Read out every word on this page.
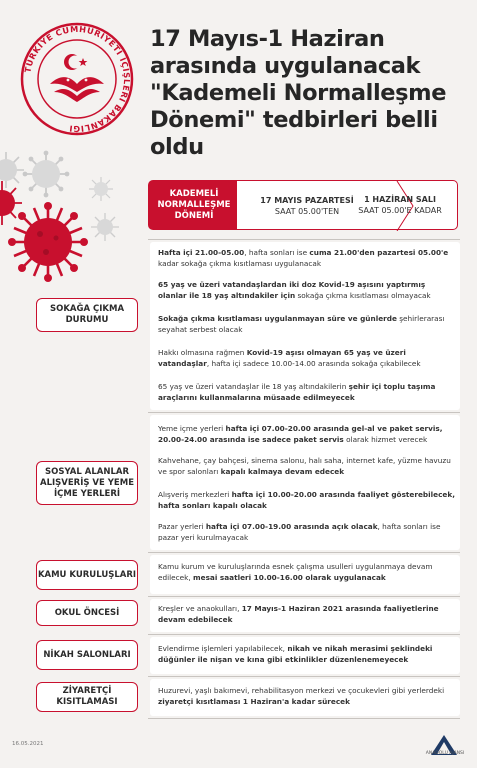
TÜRKİYE CUMHURİYETİ İÇİŞLERİ BAKANLIĞI
17 Mayıs-1 Haziran arasında uygulanacak "Kademeli Normalleşme Dönemi" tedbirleri belli oldu
KADEMELİ NORMALLEŞME DÖNEMİ
17 MAYIS PAZARTESİ
SAAT 05.00'TEN
1 HAZİRAN SALI
SAAT 05.00'E KADAR
SOKAĞA ÇIKMA DURUMU
SOSYAL ALANLAR ALIŞVERİŞ VE YEME İÇME YERLERİ
KAMU KURULUŞLARI
OKUL ÖNCESİ
NİKAH SALONLARI
ZİYARETÇİ KISITLAMASI
Hafta içi 21.00-05.00, hafta sonları ise cuma 21.00'den pazartesi 05.00'e kadar sokağa çıkma kısıtlaması uygulanacak
65 yaş ve üzeri vatandaşlardan iki doz Kovid-19 aşısını yaptırmış olanlar ile 18 yaş altındakiler için sokağa çıkma kısıtlaması olmayacak
Sokağa çıkma kısıtlaması uygulanmayan süre ve günlerde şehirlerarası seyahat serbest olacak
Hakkı olmasına rağmen Kovid-19 aşısı olmayan 65 yaş ve üzeri vatandaşlar, hafta içi sadece 10.00-14.00 arasında sokağa çıkabilecek
65 yaş ve üzeri vatandaşlar ile 18 yaş altındakilerin şehir içi toplu taşıma araçlarını kullanmalarına müsaade edilmeyecek
Yeme içme yerleri hafta içi 07.00-20.00 arasında gel-al ve paket servis, 20.00-24.00 arasında ise sadece paket servis olarak hizmet verecek
Kahvehane, çay bahçesi, sinema salonu, halı saha, internet kafe, yüzme havuzu ve spor salonları kapalı kalmaya devam edecek
Alışveriş merkezleri hafta içi 10.00-20.00 arasında faaliyet gösterebilecek, hafta sonları kapalı olacak
Pazar yerleri hafta içi 07.00-19.00 arasında açık olacak, hafta sonları ise pazar yeri kurulmayacak
Kamu kurum ve kuruluşlarında esnek çalışma usulleri uygulanmaya devam edilecek, mesai saatleri 10.00-16.00 olarak uygulanacak
Kreşler ve anaokulları, 17 Mayıs-1 Haziran 2021 arasında faaliyetlerine devam edebilecek
Evlendirme işlemleri yapılabilecek, nikah ve nikah merasimi şeklindeki düğünler ile nişan ve kına gibi etkinlikler düzenlenemeyecek
Huzurevi, yaşlı bakımevi, rehabilitasyon merkezi ve çocukevleri gibi yerlerdeki ziyaretçi kısıtlaması 1 Haziran'a kadar sürecek
16.05.2021
ANADOLU AJANSI
